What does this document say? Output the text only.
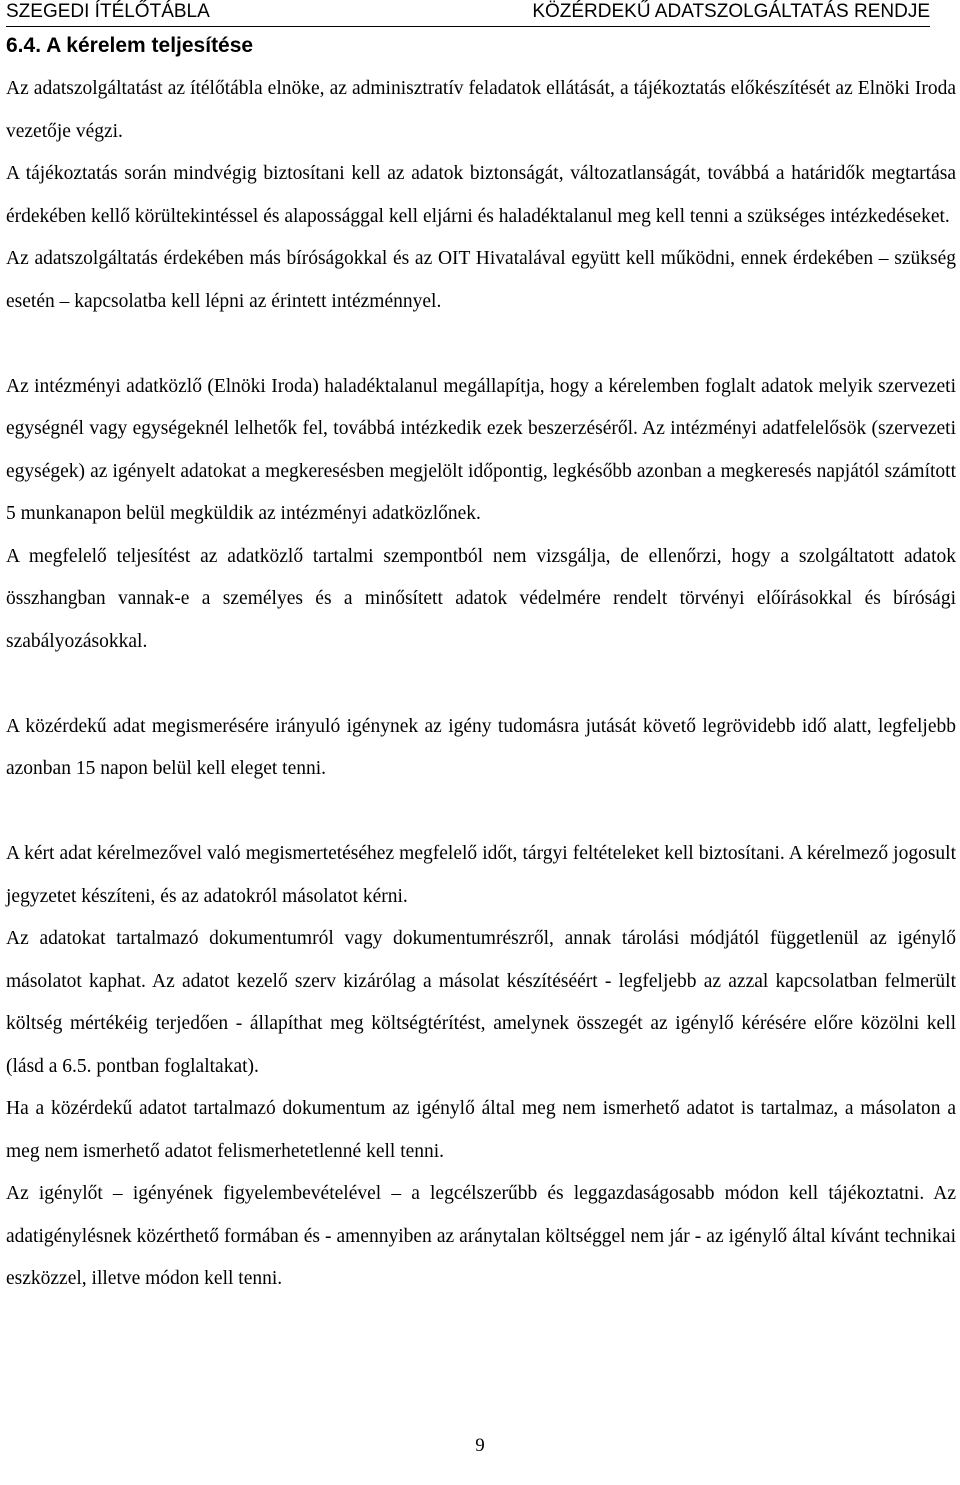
SZEGEDI ÍTÉLŐTÁBLA	KÖZÉRDEKŰ ADATSZOLGÁLTATÁS RENDJE
6.4. A kérelem teljesítése

Az adatszolgáltatást az ítélőtábla elnöke, az adminisztratív feladatok ellátását, a tájékoztatás előkészítését az Elnöki Iroda vezetője végzi.

A tájékoztatás során mindvégig biztosítani kell az adatok biztonságát, változatlanságát, továbbá a határidők megtartása érdekében kellő körültekintéssel és alapossággal kell eljárni és haladéktalanul meg kell tenni a szükséges intézkedéseket.

Az adatszolgáltatás érdekében más bíróságokkal és az OIT Hivatalával együtt kell működni, ennek érdekében – szükség esetén – kapcsolatba kell lépni az érintett intézménnyel.

Az intézményi adatközlő (Elnöki Iroda) haladéktalanul megállapítja, hogy a kérelemben foglalt adatok melyik szervezeti egységnél vagy egységeknél lelhetők fel, továbbá intézkedik ezek beszerzéséről. Az intézményi adatfelelősök (szervezeti egységek) az igényelt adatokat a megkeresésben megjelölt időpontig, legkésőbb azonban a megkeresés napjától számított 5 munkanapon belül megküldik az intézményi adatközlőnek.

A megfelelő teljesítést az adatközlő tartalmi szempontból nem vizsgálja, de ellenőrzi, hogy a szolgáltatott adatok összhangban vannak-e a személyes és a minősített adatok védelmére rendelt törvényi előírásokkal és bírósági szabályozásokkal.

A közérdekű adat megismerésére irányuló igénynek az igény tudomásra jutását követő legrövidebb idő alatt, legfeljebb azonban 15 napon belül kell eleget tenni.

A kért adat kérelmezővel való megismertetéséhez megfelelő időt, tárgyi feltételeket kell biztosítani. A kérelmező jogosult jegyzetet készíteni, és az adatokról másolatot kérni.

Az adatokat tartalmazó dokumentumról vagy dokumentumrészről, annak tárolási módjától függetlenül az igénylő másolatot kaphat. Az adatot kezelő szerv kizárólag a másolat készítéséért - legfeljebb az azzal kapcsolatban felmerült költség mértékéig terjedően - állapíthat meg költségtérítést, amelynek összegét az igénylő kérésére előre közölni kell (lásd a 6.5. pontban foglaltakat).

Ha a közérdekű adatot tartalmazó dokumentum az igénylő által meg nem ismerhető adatot is tartalmaz, a másolaton a meg nem ismerhető adatot felismerhetetlenné kell tenni.

Az igénylőt – igényének figyelembevételével – a legcélszerűbb és leggazdaságosabb módon kell tájékoztatni. Az adatigénylésnek közérthető formában és - amennyiben az aránytalan költséggel nem jár - az igénylő által kívánt technikai eszközzel, illetve módon kell tenni.

9
